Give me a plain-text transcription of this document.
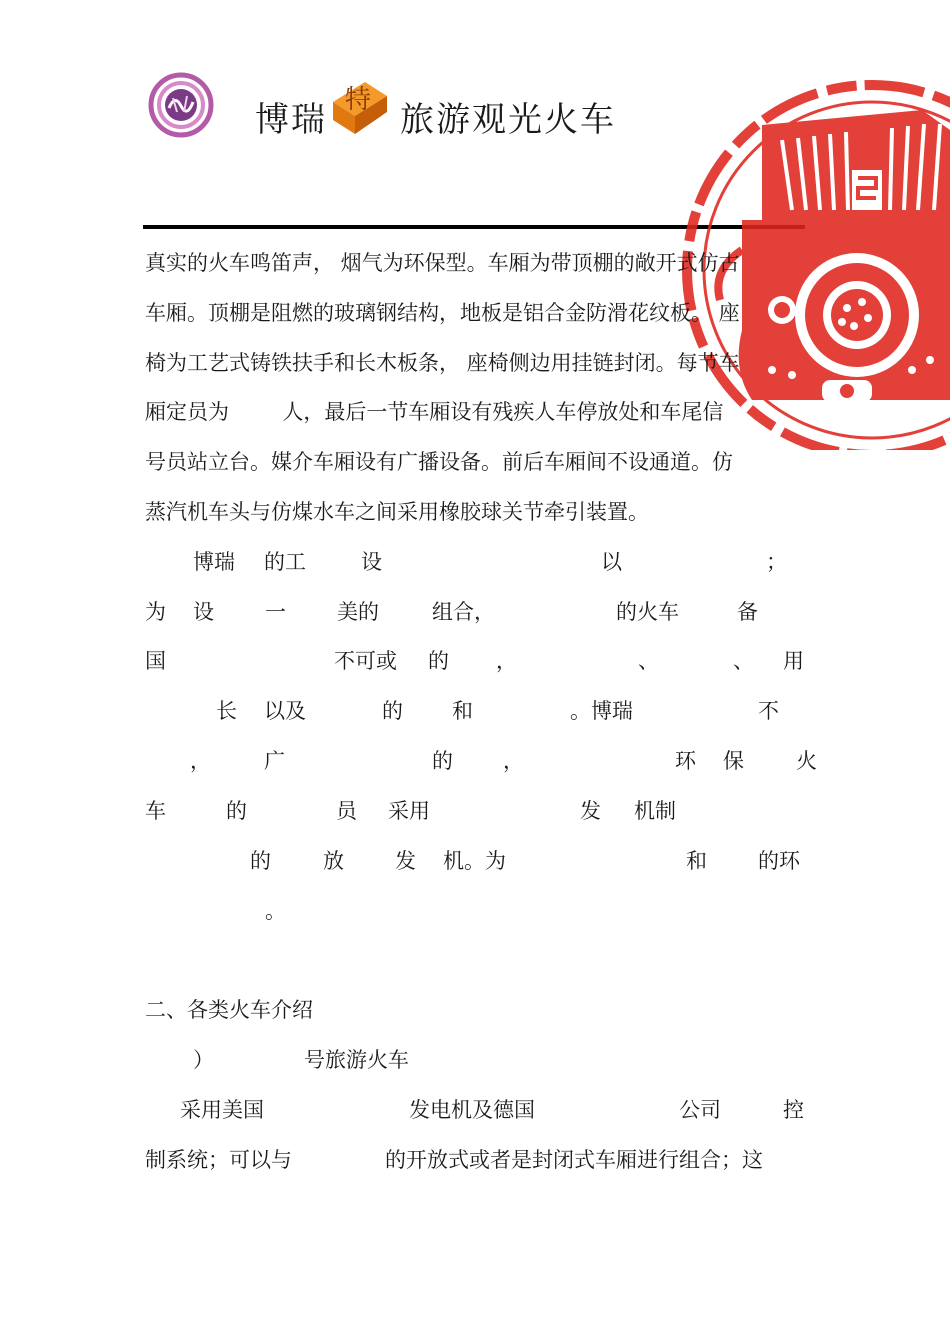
博瑞 特 旅游观光火车
真实的火车鸣笛声， 烟气为环保型。车厢为带顶棚的敞开式仿古
车厢。顶棚是阻燃的玻璃钢结构，地板是铝合金防滑花纹板。 座
椅为工艺式铸铁扶手和长木板条， 座椅侧边用挂链封闭。每节车
厢定员为        人，最后一节车厢设有残疾人车停放处和车尾信
号员站立台。媒介车厢设有广播设备。前后车厢间不设通道。仿
蒸汽机车头与仿煤水车之间采用橡胶球关节牵引装置。
博瑞 的工	设	以	；
为 设 一 美的	组合，	的火车	备
国	不可或 的 ，	、	、 用
长 以及	的 和	。博瑞	不
，	广	的 ，	环 保 火
车	的	员 采用	发 机制
的 放 发 机。为	和 的环
。
二、各类火车介绍
）	号旅游火车
采用美国	发电机及德国	公司	控
制系统；可以与	的开放式或者是封闭式车厢进行组合；这
